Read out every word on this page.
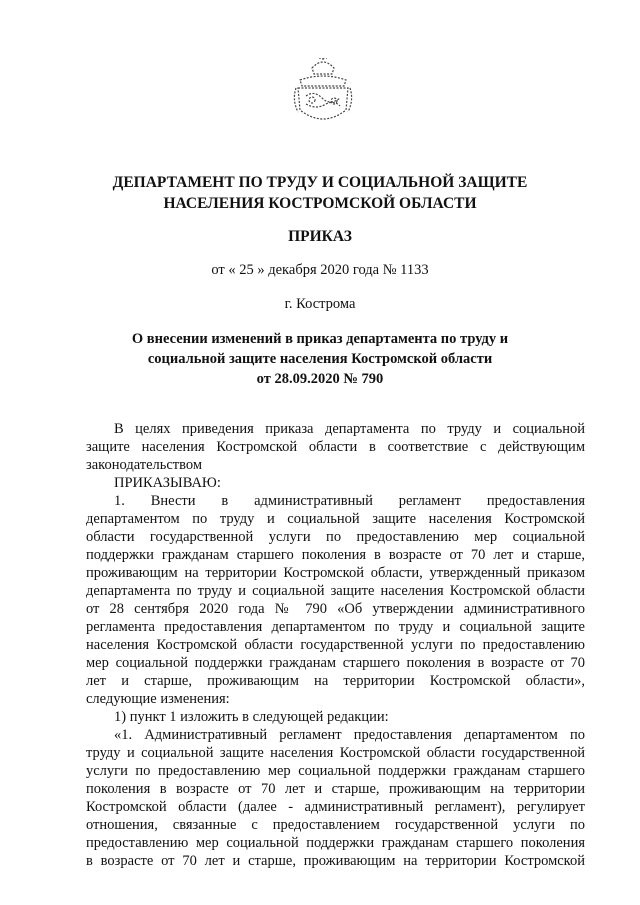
ДЕПАРТАМЕНТ ПО ТРУДУ И СОЦИАЛЬНОЙ ЗАЩИТЕ
НАСЕЛЕНИЯ КОСТРОМСКОЙ ОБЛАСТИ
ПРИКАЗ
от « 25 » декабря 2020 года № 1133
г. Кострома
О внесении изменений в приказ департамента по труду и
социальной защите населения Костромской области
от 28.09.2020 № 790
В целях приведения приказа департамента по труду и социальной
защите населения Костромской области в соответствие с действующим
законодательством
ПРИКАЗЫВАЮ:
1. Внести в административный регламент предоставления
департаментом по труду и социальной защите населения Костромской
области государственной услуги по предоставлению мер социальной
поддержки гражданам старшего поколения в возрасте от 70 лет и старше,
проживающим на территории Костромской области, утвержденный приказом
департамента по труду и социальной защите населения Костромской области
от 28 сентября 2020 года № 790 «Об утверждении административного
регламента предоставления департаментом по труду и социальной защите
населения Костромской области государственной услуги по предоставлению
мер социальной поддержки гражданам старшего поколения в возрасте от 70
лет и старше, проживающим на территории Костромской области»,
следующие изменения:
1) пункт 1 изложить в следующей редакции:
«1. Административный регламент предоставления департаментом по
труду и социальной защите населения Костромской области государственной
услуги по предоставлению мер социальной поддержки гражданам старшего
поколения в возрасте от 70 лет и старше, проживающим на территории
Костромской области (далее - административный регламент), регулирует
отношения, связанные с предоставлением государственной услуги по
предоставлению мер социальной поддержки гражданам старшего поколения
в возрасте от 70 лет и старше, проживающим на территории Костромской
